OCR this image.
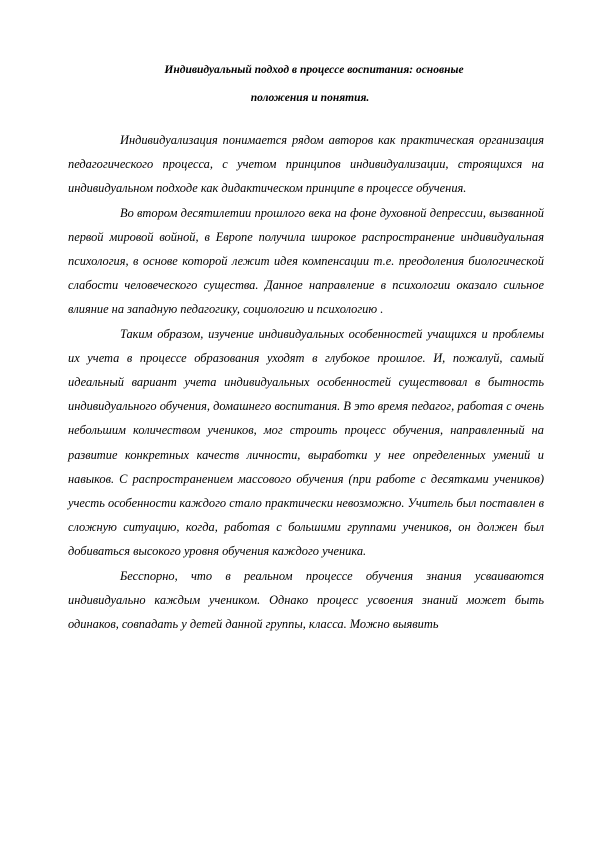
Индивидуальный подход в процессе воспитания: основные
положения и понятия.

Индивидуализация понимается рядом авторов как практическая организация педагогического процесса, с учетом принципов индивидуализации, строящихся на индивидуальном подходе как дидактическом принципе в процессе обучения.

Во втором десятилетии прошлого века на фоне духовной депрессии, вызванной первой мировой войной, в Европе получила широкое распространение индивидуальная психология, в основе которой лежит идея компенсации т.е. преодоления биологической слабости человеческого существа. Данное направление в психологии оказало сильное влияние на западную педагогику, социологию и психологию .

Таким образом, изучение индивидуальных особенностей учащихся и проблемы их учета в процессе образования уходят в глубокое прошлое. И, пожалуй, самый идеальный вариант учета индивидуальных особенностей существовал в бытность индивидуального обучения, домашнего воспитания. В это время педагог, работая с очень небольшим количеством учеников, мог строить процесс обучения, направленный на развитие конкретных качеств личности, выработки у нее определенных умений и навыков. С распространением массового обучения (при работе с десятками учеников) учесть особенности каждого стало практически невозможно. Учитель был поставлен в сложную ситуацию, когда, работая с большими группами учеников, он должен был добиваться высокого уровня обучения каждого ученика.

Бесспорно, что в реальном процессе обучения знания усваиваются индивидуально каждым учеником. Однако процесс усвоения знаний может быть одинаков, совпадать у детей данной группы, класса. Можно выявить
